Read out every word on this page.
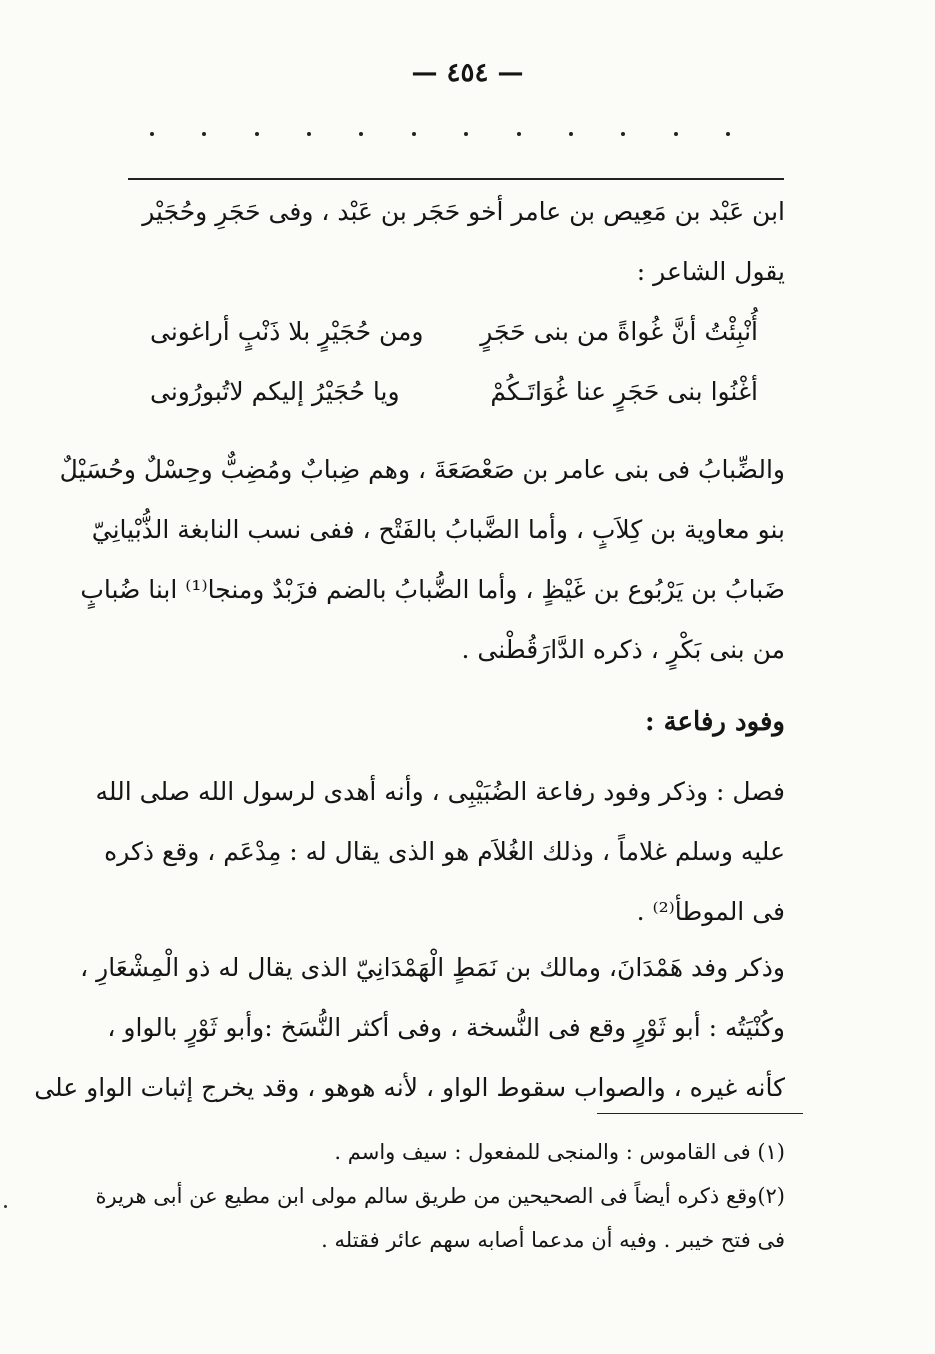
— ٤٥٤ —
ابن عَبْد بن مَعِيص بن عامر أخو حَجَر بن عَبْد ، وفى حَجَرِ وحُجَيْر
يقول الشاعر :
أُنْبِئْتُ أنَّ غُواةً من بنى حَجَرٍ
ومن حُجَيْرٍ بلا ذَنْبٍ أراغونى
أغْنُوا بنى حَجَرٍ عنا غُوَاتَـكُمْ
ويا حُجَيْرُ إليكم لاتُبورُونى
والضِّبابُ فى بنى عامر بن صَعْصَعَةَ ، وهم ضِبابٌ ومُضِبٌّ وحِسْلٌ وحُسَيْلٌ
بنو معاوية بن كِلاَبٍ ، وأما الضَّبابُ بالفَتْح ، ففى نسب النابغة الذُّبْيانِيّ
ضَبابُ بن يَرْبُوع بن غَيْظٍ ، وأما الضُّبابُ بالضم فزَبْدٌ ومنجا⁽¹⁾ ابنا ضُبابٍ
من بنى بَكْرٍ ، ذكره الدَّارَقُطْنى .
وفود رفاعة :
فصل : وذكر وفود رفاعة الضُبَيْبِى ، وأنه أهدى لرسول الله صلى الله
عليه وسلم غلاماً ، وذلك الغُلاَم هو الذى يقال له : مِدْعَم ، وقع ذكره
فى الموطأ⁽²⁾ .
وذكر وفد هَمْدَانَ، ومالك بن نَمَطٍ الْهَمْدَانِيّ الذى يقال له ذو الْمِشْعَارِ ،
وكُنْيَتُه : أبو ثَوْرٍ وقع فى النُّسخة ، وفى أكثر النُّسَخ :وأبو ثَوْرٍ بالواو ،
كأنه غيره ، والصواب سقوط الواو ، لأنه هوهو ، وقد يخرج إثبات الواو على
(١) فى القاموس : والمنجى للمفعول : سيف واسم .
(٢)وقع ذكره أيضاً فى الصحيحين من طريق سالم مولى ابن مطيع عن أبى هريرة
فى فتح خيبر . وفيه أن مدعما أصابه سهم عائر فقتله .
